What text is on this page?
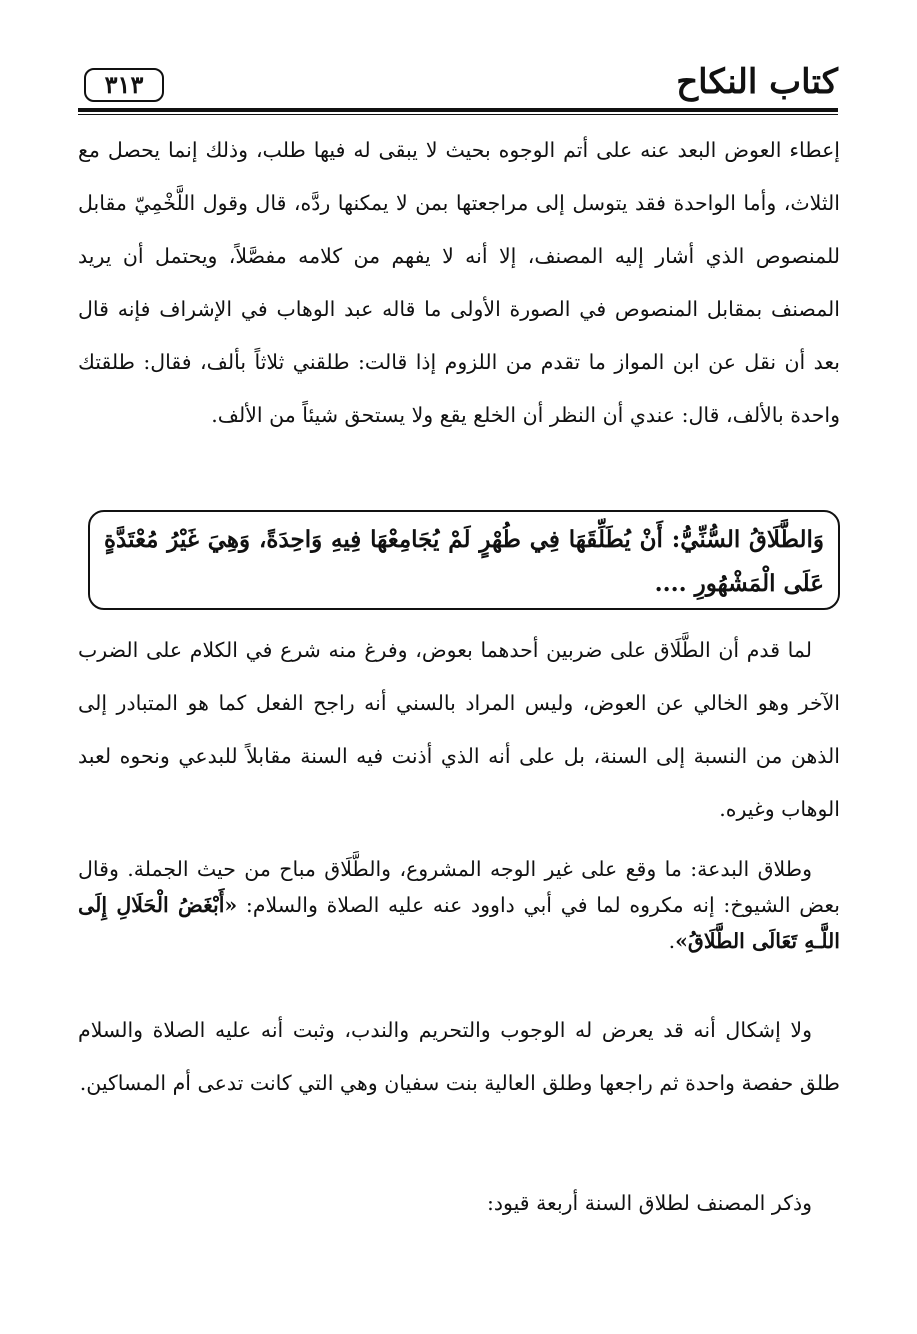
كتاب النكاح
٣١٣
إعطاء العوض البعد عنه على أتم الوجوه بحيث لا يبقى له فيها طلب، وذلك إنما يحصل مع الثلاث، وأما الواحدة فقد يتوسل إلى مراجعتها بمن لا يمكنها ردَّه، قال وقول اللَّخْمِيّ مقابل للمنصوص الذي أشار إليه المصنف، إلا أنه لا يفهم من كلامه مفصَّلاً، ويحتمل أن يريد المصنف بمقابل المنصوص في الصورة الأولى ما قاله عبد الوهاب في الإشراف فإنه قال بعد أن نقل عن ابن المواز ما تقدم من اللزوم إذا قالت: طلقني ثلاثاً بألف، فقال: طلقتك واحدة بالألف، قال: عندي أن النظر أن الخلع يقع ولا يستحق شيئاً من الألف.
وَالطَّلَاقُ السُّنِّيُّ: أَنْ يُطَلِّقَهَا فِي طُهْرٍ لَمْ يُجَامِعْهَا فِيهِ وَاحِدَةً، وَهِيَ غَيْرُ مُعْتَدَّةٍ عَلَى الْمَشْهُورِ ....
لما قدم أن الطَّلَاق على ضربين أحدهما بعوض، وفرغ منه شرع في الكلام على الضرب الآخر وهو الخالي عن العوض، وليس المراد بالسني أنه راجح الفعل كما هو المتبادر إلى الذهن من النسبة إلى السنة، بل على أنه الذي أذنت فيه السنة مقابلاً للبدعي ونحوه لعبد الوهاب وغيره.
وطلاق البدعة: ما وقع على غير الوجه المشروع، والطَّلَاق مباح من حيث الجملة. وقال بعض الشيوخ: إنه مكروه لما في أبي داوود عنه عليه الصلاة والسلام: «أَبْغَضُ الْحَلَالِ إِلَى اللَّـهِ تَعَالَى الطَّلَاقُ».
ولا إشكال أنه قد يعرض له الوجوب والتحريم والندب، وثبت أنه عليه الصلاة والسلام طلق حفصة واحدة ثم راجعها وطلق العالية بنت سفيان وهي التي كانت تدعى أم المساكين.
وذكر المصنف لطلاق السنة أربعة قيود:
